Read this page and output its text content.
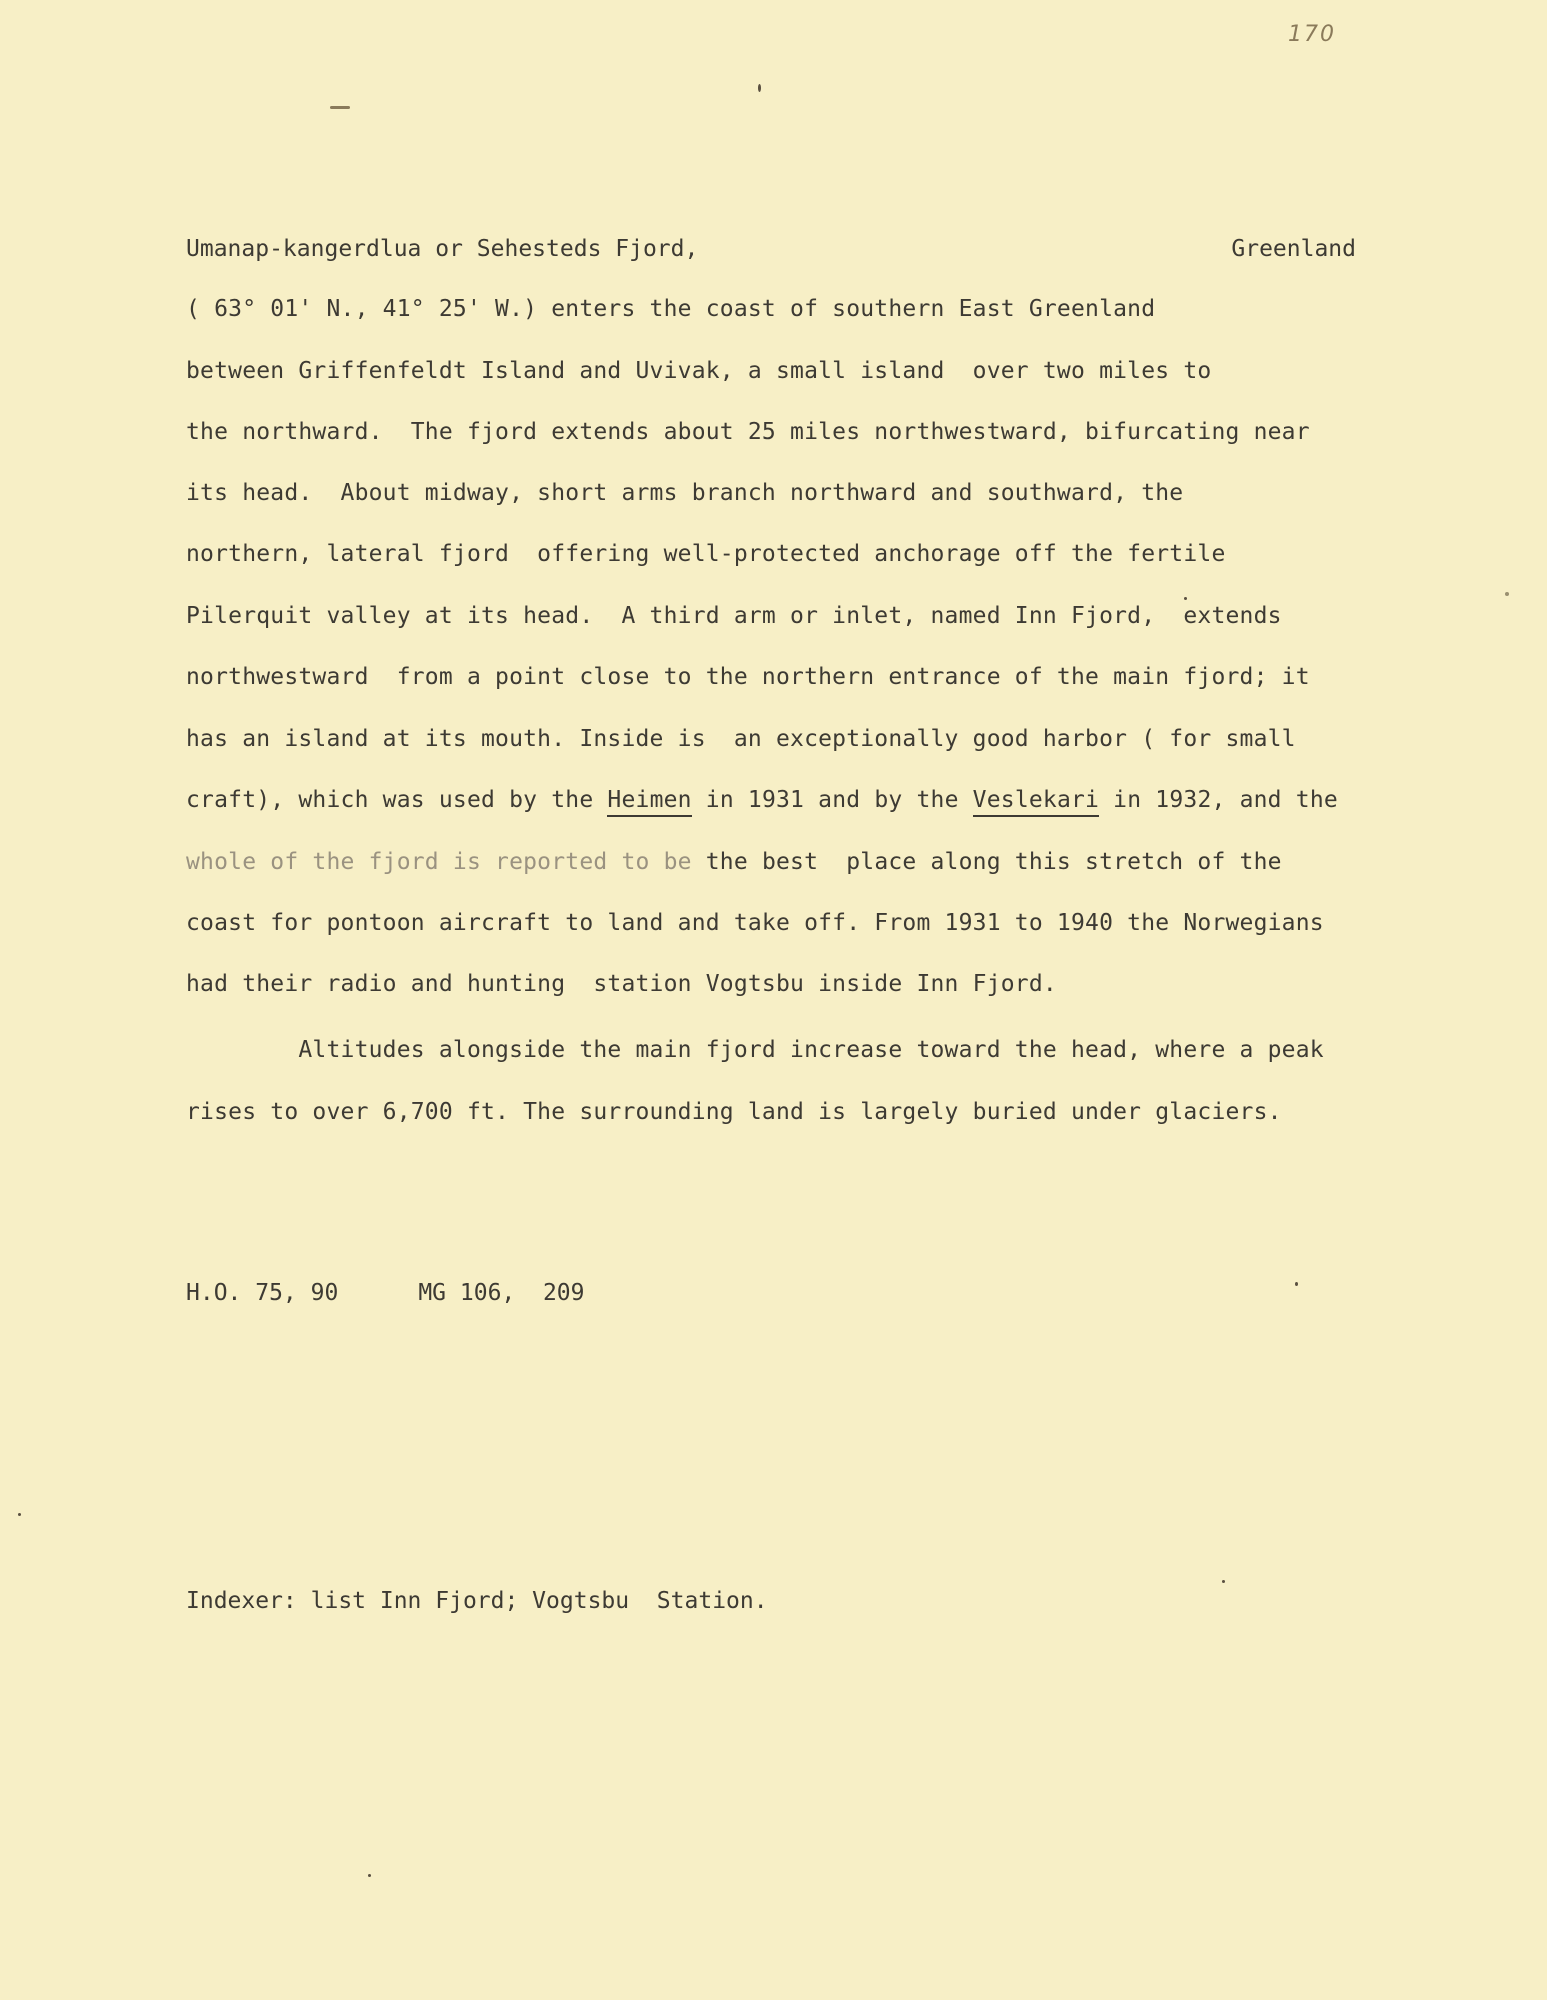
170
Umanap-kangerdlua or Sehesteds Fjord,	Greenland
( 63° 01' N., 41° 25' W.) enters the coast of southern East Greenland
between Griffenfeldt Island and Uvivak, a small island  over two miles to
the northward.  The fjord extends about 25 miles northwestward, bifurcating near
its head.  About midway, short arms branch northward and southward, the
northern, lateral fjord  offering well-protected anchorage off the fertile
Pilerquit valley at its head.  A third arm or inlet, named Inn Fjord,  extends
northwestward  from a point close to the northern entrance of the main fjord; it
has an island at its mouth. Inside is  an exceptionally good harbor ( for small
craft), which was used by the Heimen in 1931 and by the Veslekari in 1932, and the
whole of the fjord is reported to be the best  place along this stretch of the
coast for pontoon aircraft to land and take off. From 1931 to 1940 the Norwegians
had their radio and hunting  station Vogtsbu inside Inn Fjord.
Altitudes alongside the main fjord increase toward the head, where a peak
rises to over 6,700 ft. The surrounding land is largely buried under glaciers.
H.O. 75, 90	MG 106,  209
Indexer: list Inn Fjord; Vogtsbu  Station.
